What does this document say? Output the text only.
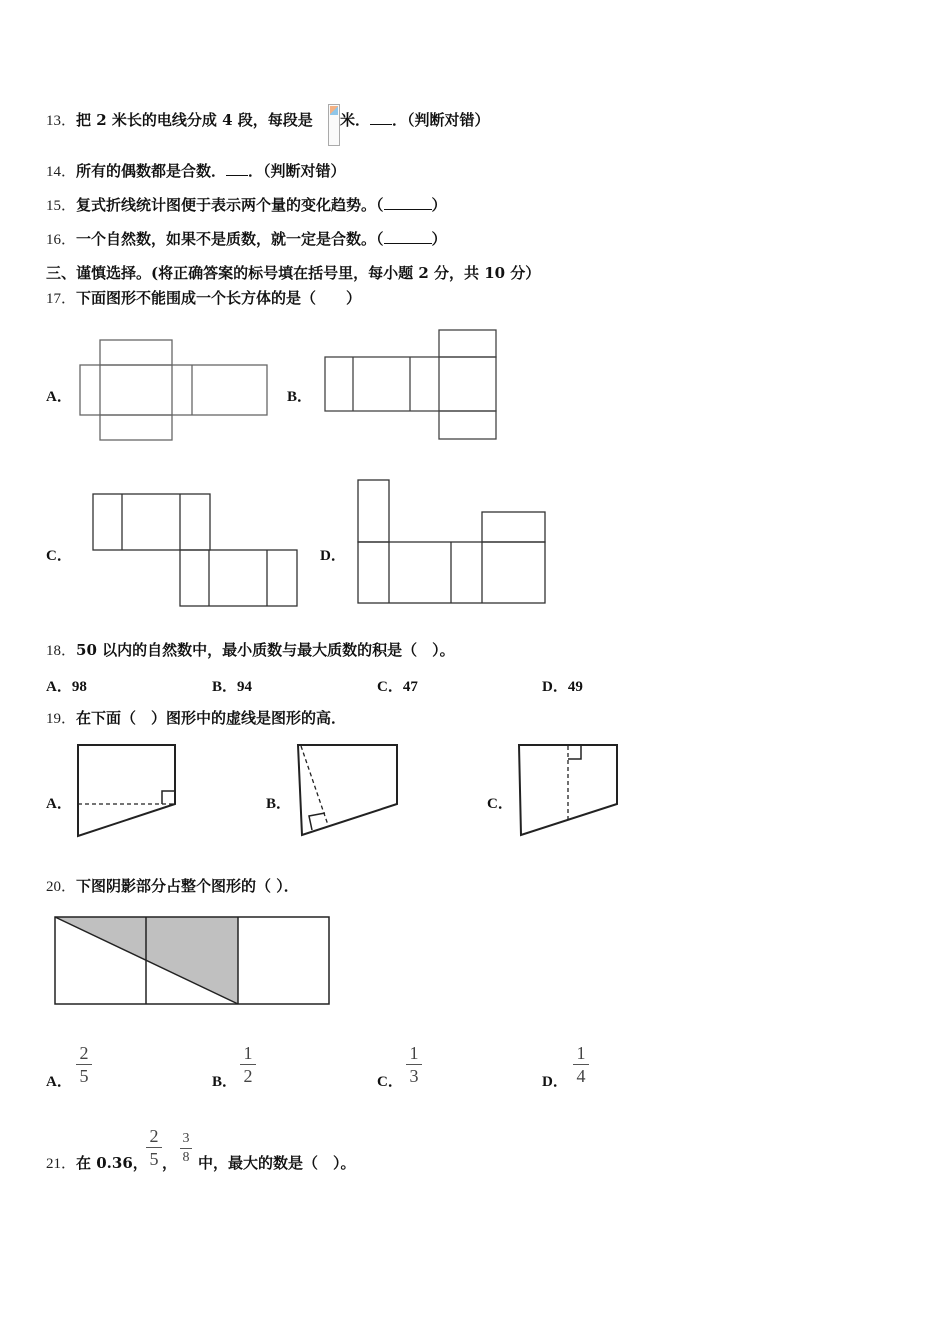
13．把 2 米长的电线分成 4 段，每段是 米． ．（判断对错）
14．所有的偶数都是合数． ．（判断对错）
15．复式折线统计图便于表示两个量的变化趋势。（	）
16．一个自然数，如果不是质数，就一定是合数。（	）
三、谨慎选择。(将正确答案的标号填在括号里，每小题 2 分，共 10 分）
17．下面图形不能围成一个长方体的是（　　）
A．	B．
C．	D．
18．50 以内的自然数中，最小质数与最大质数的积是（　）。
A．98	B．94	C．47	D．49
19．在下面（　）图形中的虚线是图形的高．
A．	B．	C．
20．下图阴影部分占整个图形的（ ）．
A．
2
5	B．
1
2	C．
1
3	D．
1
4
21．在 0.36，
2
5 ，
3
8 中，最大的数是（　）。
